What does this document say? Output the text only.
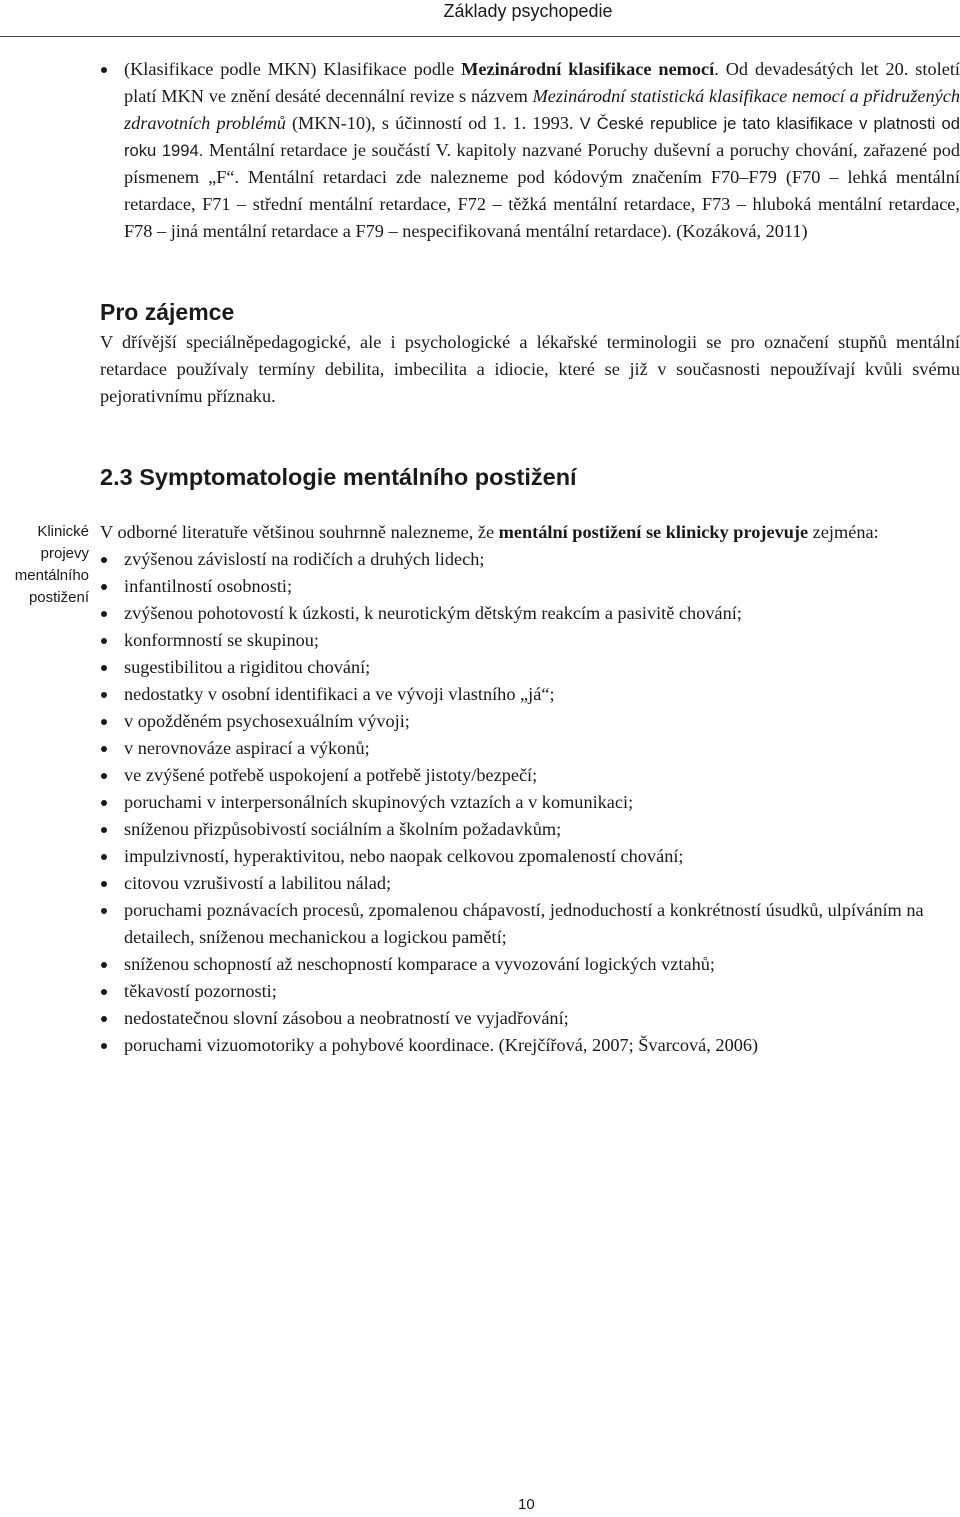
Základy psychopedie

(Klasifikace podle MKN) Klasifikace podle Mezinárodní klasifikace nemocí. Od devadesátých let 20. století platí MKN ve znění desáté decennální revize s názvem Mezinárodní statistická klasifikace nemocí a přidružených zdravotních problémů (MKN-10), s účinností od 1. 1. 1993. V České republice je tato klasifikace v platnosti od roku 1994. Mentální retardace je součástí V. kapitoly nazvané Poruchy duševní a poruchy chování, zařazené pod písmenem „F“. Mentální retardaci zde nalezneme pod kódovým značením F70–F79 (F70 – lehká mentální retardace, F71 – střední mentální retardace, F72 – těžká mentální retardace, F73 – hluboká mentální retardace, F78 – jiná mentální retardace a F79 – nespecifikovaná mentální retardace). (Kozáková, 2011)

Pro zájemce

V dřívější speciálněpedagogické, ale i psychologické a lékařské terminologii se pro označení stupňů mentální retardace používaly termíny debilita, imbecilita a idiocie, které se již v současnosti nepoužívají kvůli svému pejorativnímu příznaku.

2.3 Symptomatologie mentálního postižení
Klinické projevy mentálního postižení

V odborné literatuře většinou souhrnně nalezneme, že mentální postižení se klinicky projevuje zejména:

zvýšenou závislostí na rodičích a druhých lidech;
infantilností osobnosti;
zvýšenou pohotovostí k úzkosti, k neurotickým dětským reakcím a pasivitě chování;
konformností se skupinou;
sugestibilitou a rigiditou chování;
nedostatky v osobní identifikaci a ve vývoji vlastního „já“;
v opožděném psychosexuálním vývoji;
v nerovnováze aspirací a výkonů;
ve zvýšené potřebě uspokojení a potřebě jistoty/bezpečí;
poruchami v interpersonálních skupinových vztazích a v komunikaci;
sníženou přizpůsobivostí sociálním a školním požadavkům;
impulzivností, hyperaktivitou, nebo naopak celkovou zpomaleností chování;
citovou vzrušivostí a labilitou nálad;
poruchami poznávacích procesů, zpomalenou chápavostí, jednoduchostí a konkrétností úsudků, ulpíváním na detailech, sníženou mechanickou a logickou pamětí;
sníženou schopností až neschopností komparace a vyvozování logických vztahů;
těkavostí pozornosti;
nedostatečnou slovní zásobou a neobratností ve vyjadřování;
poruchami vizuomotoriky a pohybové koordinace. (Krejčířová, 2007; Švarcová, 2006)
10
